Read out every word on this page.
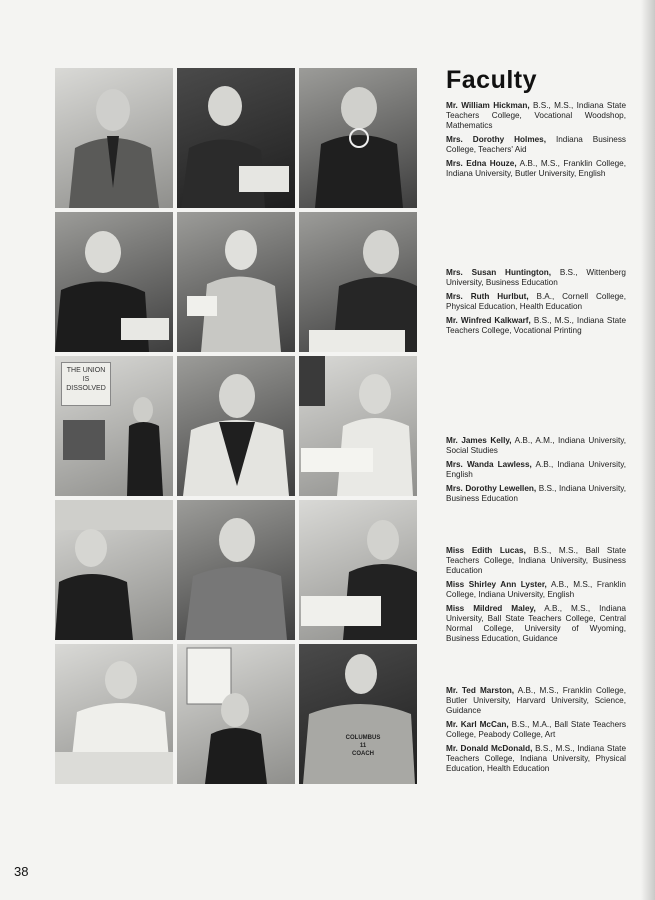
THE UNION
IS
DISSOLVED
COLUMBUS
11
COACH
Faculty

Mr. William Hickman, B.S., M.S., Indiana State Teachers College, Vocational Woodshop, Mathematics

Mrs. Dorothy Holmes, Indiana Business College, Teachers' Aid

Mrs. Edna Houze, A.B., M.S., Franklin College, Indiana University, Butler University, English

Mrs. Susan Huntington, B.S., Wittenberg University, Business Education

Mrs. Ruth Hurlbut, B.A., Cornell College, Physical Education, Health Education

Mr. Winfred Kalkwarf, B.S., M.S., Indiana State Teachers College, Vocational Printing

Mr. James Kelly, A.B., A.M., Indiana University, Social Studies

Mrs. Wanda Lawless, A.B., Indiana University, English

Mrs. Dorothy Lewellen, B.S., Indiana University, Business Education

Miss Edith Lucas, B.S., M.S., Ball State Teachers College, Indiana University, Business Education

Miss Shirley Ann Lyster, A.B., M.S., Franklin College, Indiana University, English

Miss Mildred Maley, A.B., M.S., Indiana University, Ball State Teachers College, Central Normal College, University of Wyoming, Business Education, Guidance

Mr. Ted Marston, A.B., M.S., Franklin College, Butler University, Harvard University, Science, Guidance

Mr. Karl McCan, B.S., M.A., Ball State Teachers College, Peabody College, Art

Mr. Donald McDonald, B.S., M.S., Indiana State Teachers College, Indiana University, Physical Education, Health Education

38
